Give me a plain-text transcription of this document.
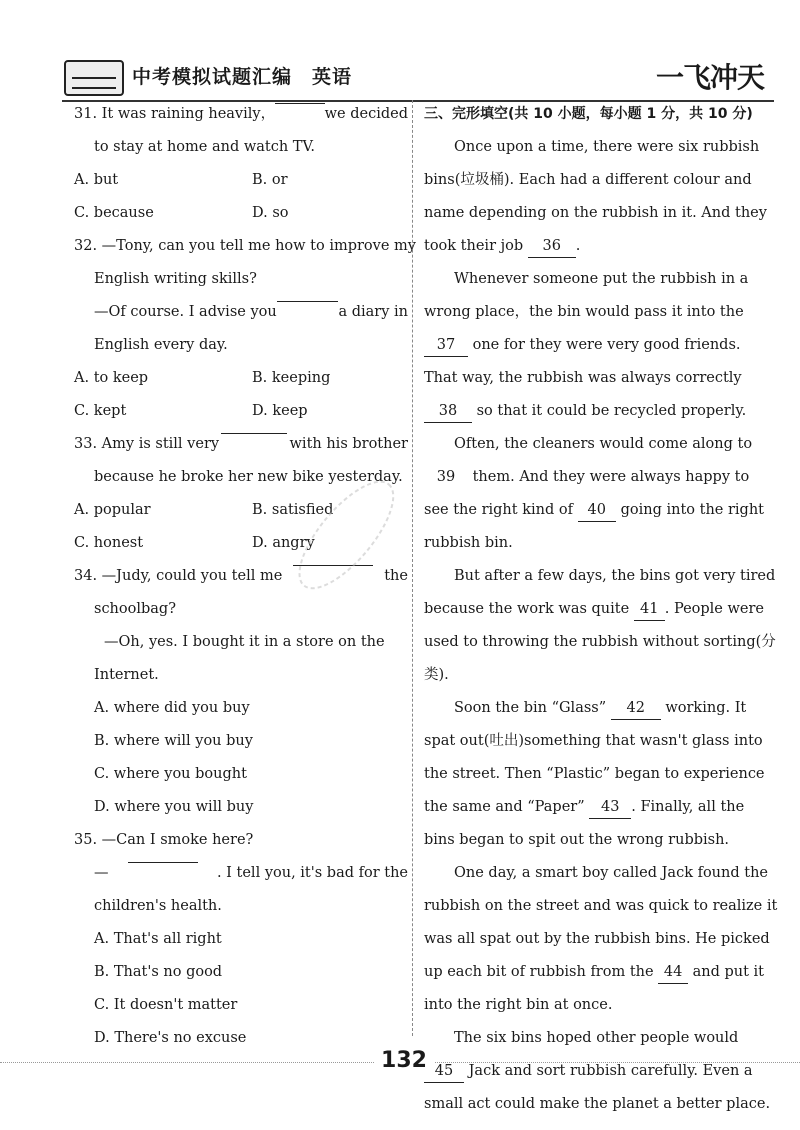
中考模拟试题汇编　英语	一飞冲天
31. It was raining heavily，	we decided
to stay at home and watch TV.
A. but	B. or
C. because	D. so
32. —Tony, can you tell me how to improve my
English writing skills?
—Of course. I advise you	a diary in
English every day.
A. to keep	B. keeping
C. kept	D. keep
33. Amy is still very	with his brother
because he broke her new bike yesterday.
A. popular	B. satisfied
C. honest	D. angry
34. —Judy, could you tell me	the
schoolbag?
—Oh, yes. I bought it in a store on the
Internet.
A. where did you buy
B. where will you buy
C. where you bought
D. where you will buy
35. —Can I smoke here?
—	. I tell you, it's bad for the
children's health.
A. That's all right
B. That's no good
C. It doesn't matter
D. There's no excuse
三、完形填空(共 10 小题，每小题 1 分，共 10 分)
Once upon a time, there were six rubbish
bins(垃圾桶). Each had a different colour and
name depending on the rubbish in it. And they
took their job
	36	.
Whenever someone put the rubbish in a
wrong place，the bin would pass it into the
37
	one for they were very good friends.
That way, the rubbish was always correctly
38
	so that it could be recycled properly.
Often, the cleaners would come along to
39
	them. And they were always happy to
see the right kind of
	40
	going into the right
rubbish bin.
But after a few days, the bins got very tired
because the work was quite
41 . People were
used to throwing the rubbish without sorting(分
类).
Soon the bin “Glass”
	42
	working. It
spat out(吐出)something that wasn't glass into
the street. Then “Plastic” began to experience
the same and “Paper”
	43 . Finally, all the
bins began to spit out the wrong rubbish.
One day, a smart boy called Jack found the
rubbish on the street and was quick to realize it
was all spat out by the rubbish bins. He picked
up each bit of rubbish from the
44
and put it
into the right bin at once.
The six bins hoped other people would
45
	Jack and sort rubbish carefully. Even a
small act could make the planet a better place.
132
